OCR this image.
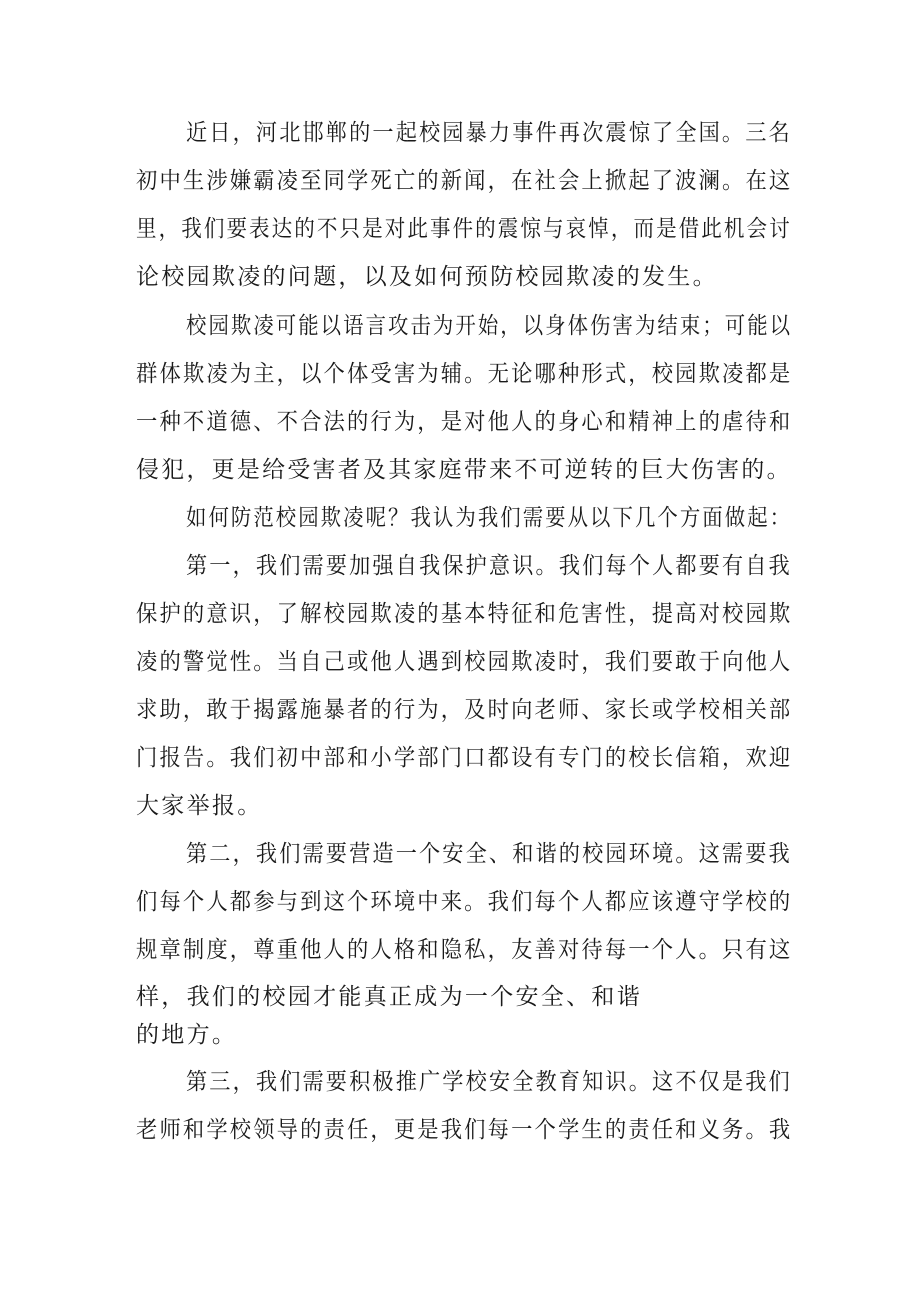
近日，河北邯郸的一起校园暴力事件再次震惊了全国。三名
初中生涉嫌霸凌至同学死亡的新闻，在社会上掀起了波澜。在这
里，我们要表达的不只是对此事件的震惊与哀悼，而是借此机会讨
论校园欺凌的问题，以及如何预防校园欺凌的发生。
校园欺凌可能以语言攻击为开始，以身体伤害为结束；可能以
群体欺凌为主，以个体受害为辅。无论哪种形式，校园欺凌都是
一种不道德、不合法的行为，是对他人的身心和精神上的虐待和
侵犯，更是给受害者及其家庭带来不可逆转的巨大伤害的。
如何防范校园欺凌呢？我认为我们需要从以下几个方面做起：
第一，我们需要加强自我保护意识。我们每个人都要有自我
保护的意识，了解校园欺凌的基本特征和危害性，提高对校园欺
凌的警觉性。当自己或他人遇到校园欺凌时，我们要敢于向他人
求助，敢于揭露施暴者的行为，及时向老师、家长或学校相关部
门报告。我们初中部和小学部门口都设有专门的校长信箱，欢迎
大家举报。
第二，我们需要营造一个安全、和谐的校园环境。这需要我
们每个人都参与到这个环境中来。我们每个人都应该遵守学校的
规章制度，尊重他人的人格和隐私，友善对待每一个人。只有这
样，我们的校园才能真正成为一个安全、和谐
的地方。
第三，我们需要积极推广学校安全教育知识。这不仅是我们
老师和学校领导的责任，更是我们每一个学生的责任和义务。我
